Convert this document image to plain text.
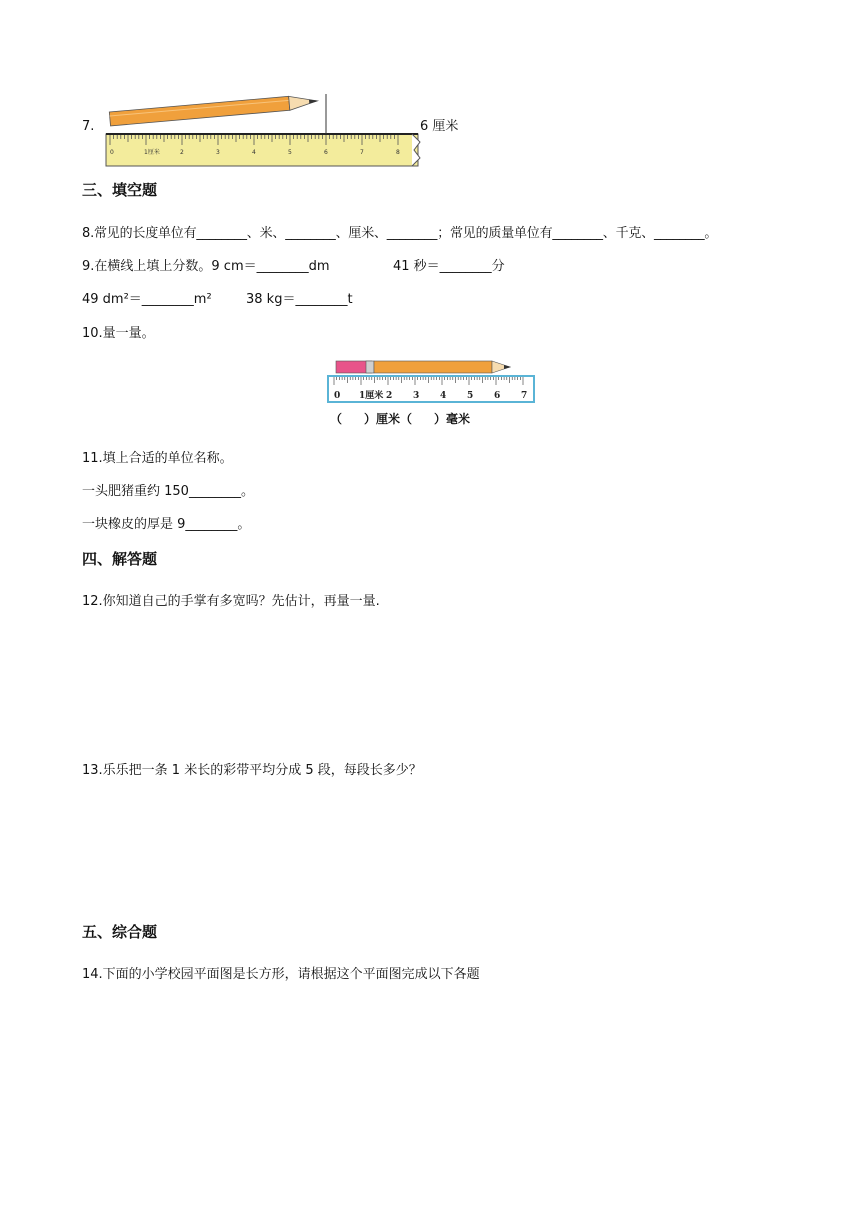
7.
0	1厘米	2	3	4	5	6	7	8
6 厘米
三、填空题
8.常见的长度单位有________、米、________、厘米、________；常见的质量单位有________、千克、________。
9.在横线上填上分数。9 cm＝________dm	41 秒＝________分
49 dm²＝________m²	38 kg＝________t
10.量一量。
0 1厘米 2 3 4 5 6 7
（ ）厘米（ ）毫米
11.填上合适的单位名称。
一头肥猪重约 150________。
一块橡皮的厚是 9________。
四、解答题
12.你知道自己的手掌有多宽吗？先估计，再量一量.
13.乐乐把一条 1 米长的彩带平均分成 5 段，每段长多少？
五、综合题
14.下面的小学校园平面图是长方形，请根据这个平面图完成以下各题
